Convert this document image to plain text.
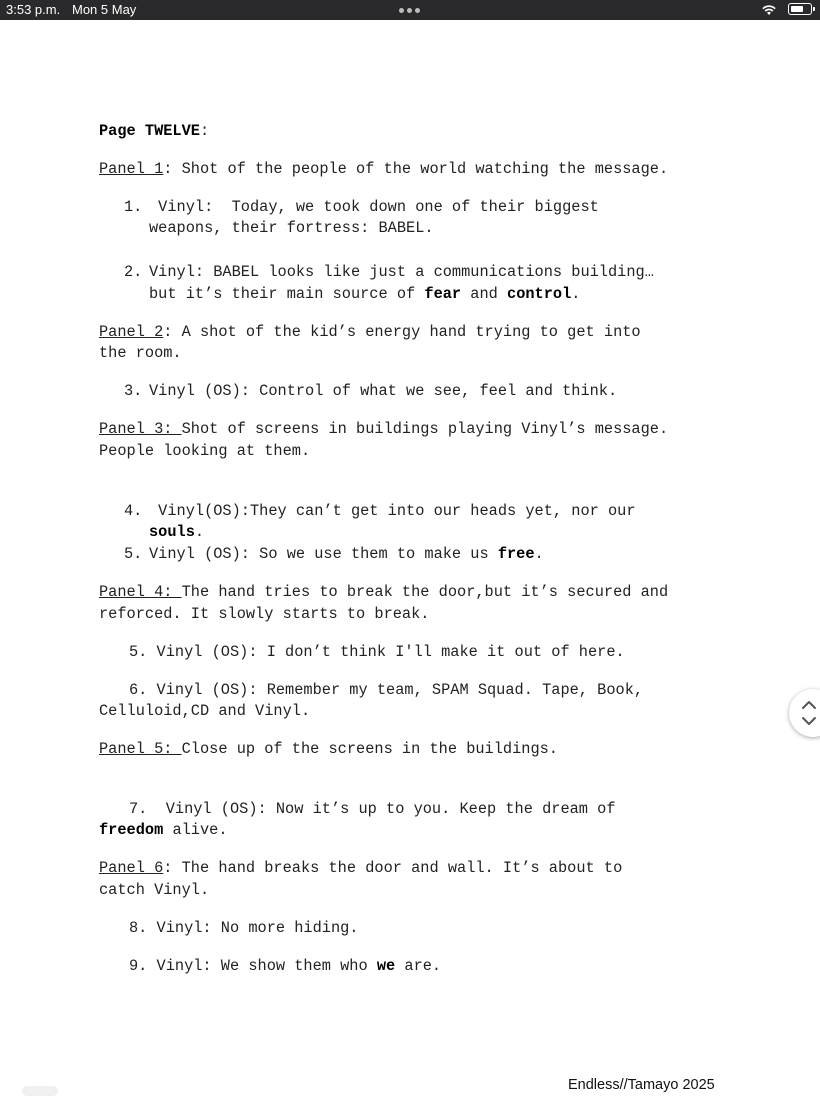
3:53 p.m. Mon 5 May
Page TWELVE:
Panel 1: Shot of the people of the world watching the message.
1. Vinyl:  Today, we took down one of their biggest
weapons, their fortress: BABEL.
2. Vinyl: BABEL looks like just a communications building…
but it’s their main source of fear and control.
Panel 2: A shot of the kid’s energy hand trying to get into
the room.
3. Vinyl (OS): Control of what we see, feel and think.
Panel 3: Shot of screens in buildings playing Vinyl’s message.
People looking at them.
4. Vinyl(OS):They can’t get into our heads yet, nor our
souls.
5. Vinyl (OS): So we use them to make us free.
Panel 4: The hand tries to break the door,but it’s secured and
reforced. It slowly starts to break.
5. Vinyl (OS): I don’t think I'll make it out of here.
6. Vinyl (OS): Remember my team, SPAM Squad. Tape, Book,
Celluloid,CD and Vinyl.
Panel 5: Close up of the screens in the buildings.
7.  Vinyl (OS): Now it’s up to you. Keep the dream of
freedom alive.
Panel 6: The hand breaks the door and wall. It’s about to
catch Vinyl.
8. Vinyl: No more hiding.
9. Vinyl: We show them who we are.
Endless//Tamayo 2025
